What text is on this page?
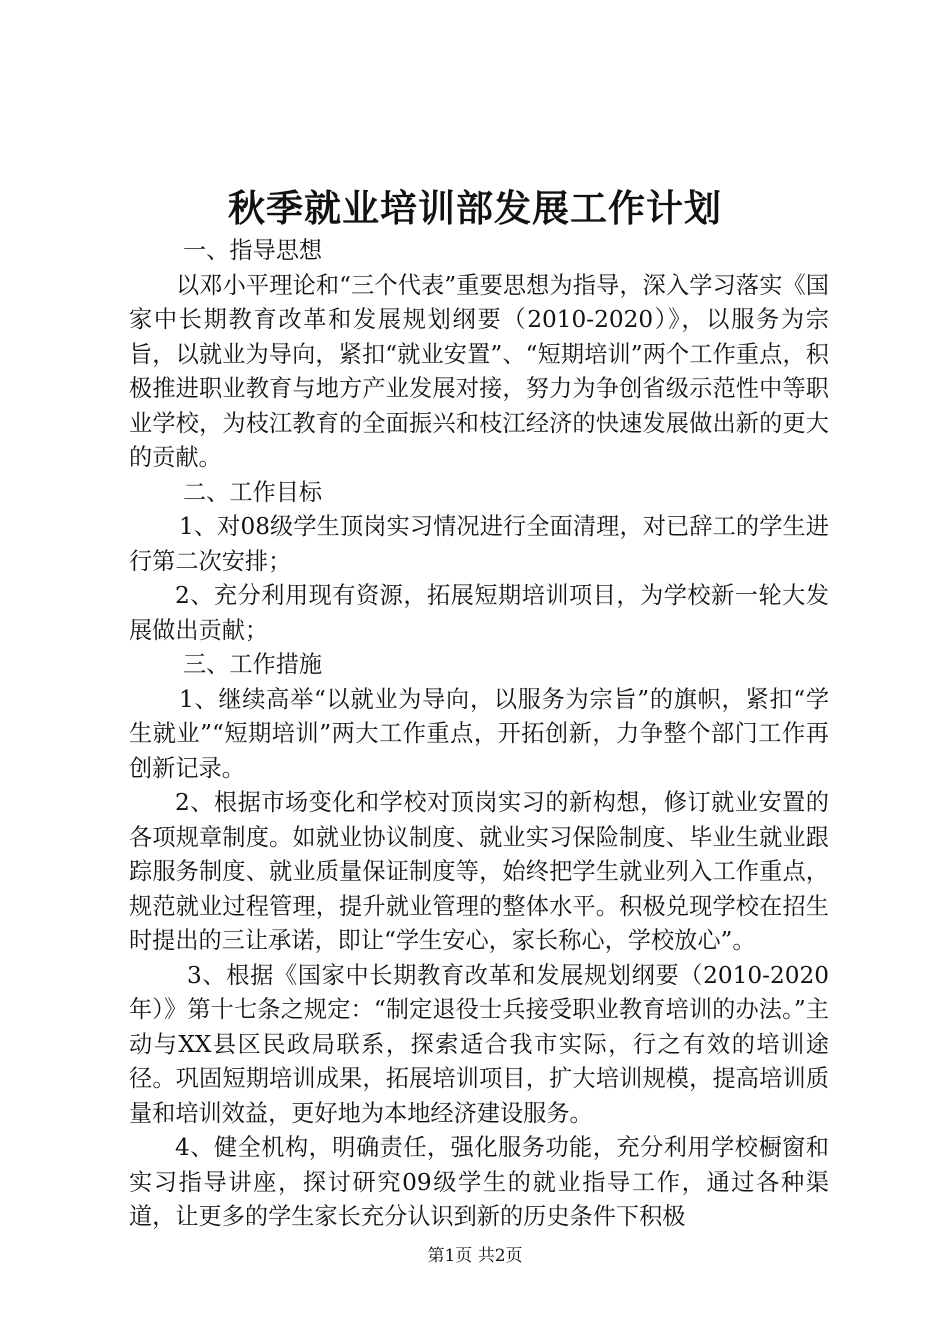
秋季就业培训部发展工作计划

一、指导思想

以邓小平理论和“三个代表”重要思想为指导，深入学习落实《国家中长期教育改革和发展规划纲要（2010-2020）》，以服务为宗旨，以就业为导向，紧扣“就业安置”、“短期培训”两个工作重点，积极推进职业教育与地方产业发展对接，努力为争创省级示范性中等职业学校，为枝江教育的全面振兴和枝江经济的快速发展做出新的更大的贡献。

二、工作目标

1、对08级学生顶岗实习情况进行全面清理，对已辞工的学生进行第二次安排；

2、充分利用现有资源，拓展短期培训项目，为学校新一轮大发展做出贡献；

三、工作措施

1、继续高举“以就业为导向，以服务为宗旨”的旗帜，紧扣“学生就业”“短期培训”两大工作重点，开拓创新，力争整个部门工作再创新记录。

2、根据市场变化和学校对顶岗实习的新构想，修订就业安置的各项规章制度。如就业协议制度、就业实习保险制度、毕业生就业跟踪服务制度、就业质量保证制度等，始终把学生就业列入工作重点，规范就业过程管理，提升就业管理的整体水平。积极兑现学校在招生时提出的三让承诺，即让“学生安心，家长称心，学校放心”。

3、根据《国家中长期教育改革和发展规划纲要（2010-2020年）》第十七条之规定：“制定退役士兵接受职业教育培训的办法。”主动与XX县区民政局联系，探索适合我市实际，行之有效的培训途径。巩固短期培训成果，拓展培训项目，扩大培训规模，提高培训质量和培训效益，更好地为本地经济建设服务。

4、健全机构，明确责任，强化服务功能，充分利用学校橱窗和实习指导讲座，探讨研究09级学生的就业指导工作，通过各种渠道，让更多的学生家长充分认识到新的历史条件下积极

第1页 共2页
